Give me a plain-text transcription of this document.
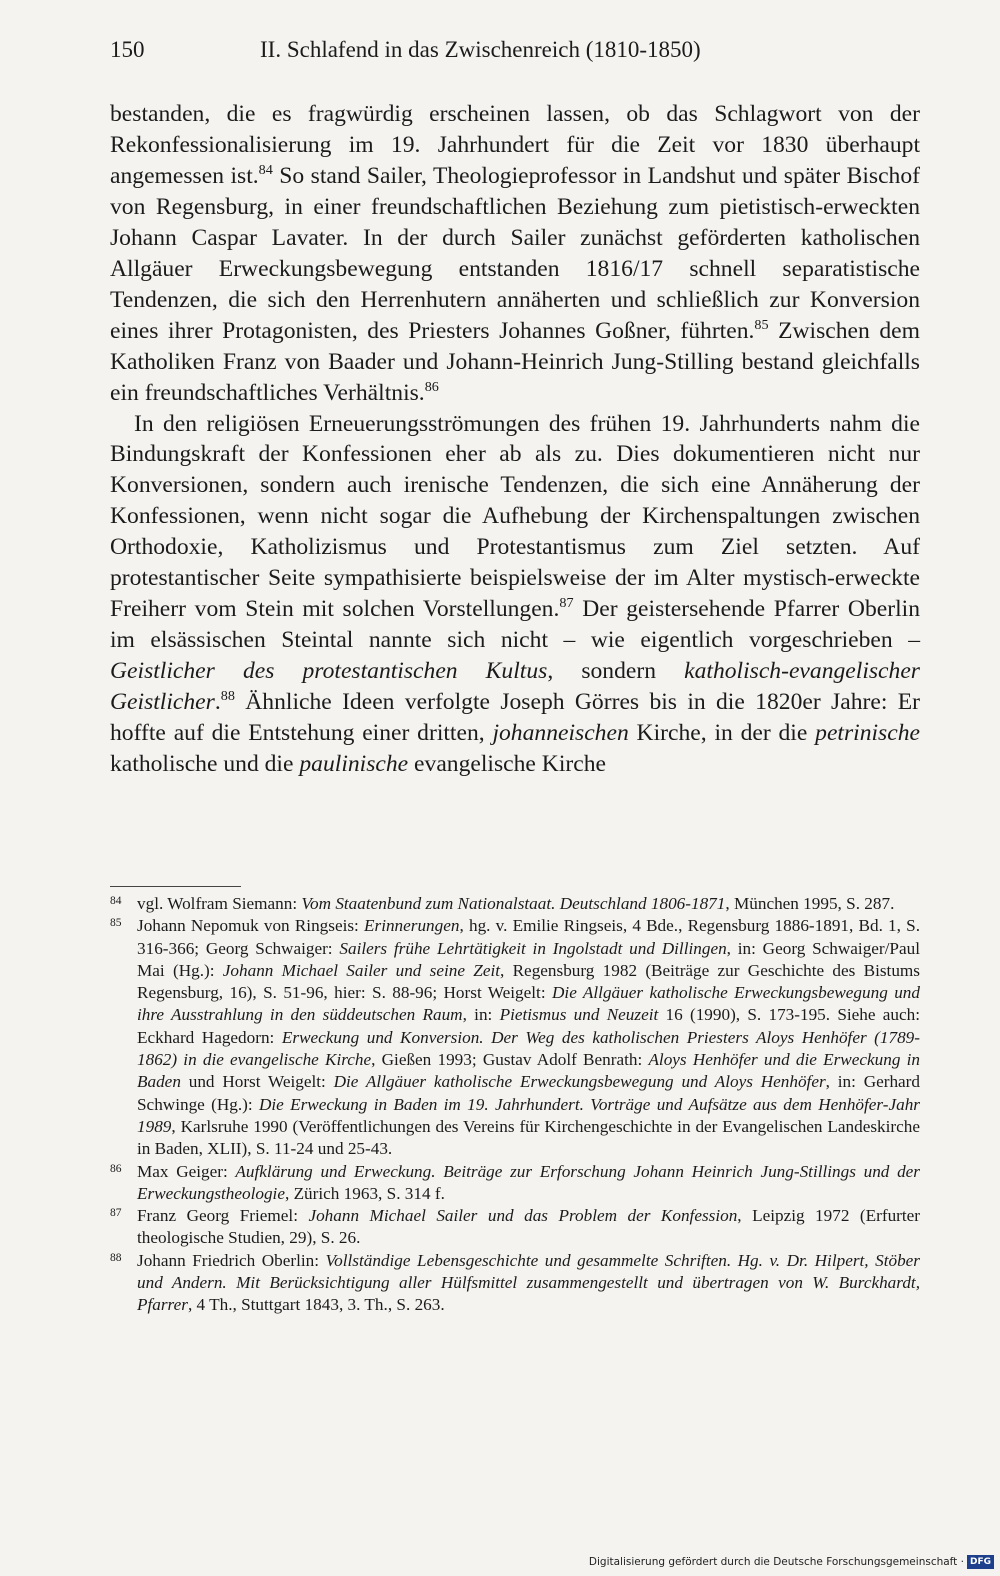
150	II. Schlafend in das Zwischenreich (1810-1850)

bestanden, die es fragwürdig erscheinen lassen, ob das Schlagwort von der Rekonfessionalisierung im 19. Jahrhundert für die Zeit vor 1830 überhaupt angemessen ist.$^{84}$ So stand Sailer, Theologieprofessor in Landshut und später Bischof von Regensburg, in einer freundschaftlichen Beziehung zum pietistisch-erweckten Johann Caspar Lavater. In der durch Sailer zunächst geförderten katholischen Allgäuer Erweckungsbewegung entstanden 1816/17 schnell separatistische Tendenzen, die sich den Herrenhutern annäherten und schließlich zur Konversion eines ihrer Protagonisten, des Priesters Johannes Goßner, führten.$^{85}$ Zwischen dem Katholiken Franz von Baader und Johann-Heinrich Jung-Stilling bestand gleichfalls ein freundschaftliches Verhältnis.$^{86}$

In den religiösen Erneuerungsströmungen des frühen 19. Jahrhunderts nahm die Bindungskraft der Konfessionen eher ab als zu. Dies dokumentieren nicht nur Konversionen, sondern auch irenische Tendenzen, die sich eine Annäherung der Konfessionen, wenn nicht sogar die Aufhebung der Kirchenspaltungen zwischen Orthodoxie, Katholizismus und Protestantismus zum Ziel setzten. Auf protestantischer Seite sympathisierte beispielsweise der im Alter mystisch-erweckte Freiherr vom Stein mit solchen Vorstellungen.$^{87}$ Der geistersehende Pfarrer Oberlin im elsässischen Steintal nannte sich nicht – wie eigentlich vorgeschrieben – Geistlicher des protestantischen Kultus, sondern katholisch-evangelischer Geistlicher.$^{88}$ Ähnliche Ideen verfolgte Joseph Görres bis in die 1820er Jahre: Er hoffte auf die Entstehung einer dritten, johanneischen Kirche, in der die petrinische katholische und die paulinische evangelische Kirche

84 vgl. Wolfram Siemann: Vom Staatenbund zum Nationalstaat. Deutschland 1806-1871, München 1995, S. 287.

85 Johann Nepomuk von Ringseis: Erinnerungen, hg. v. Emilie Ringseis, 4 Bde., Regensburg 1886-1891, Bd. 1, S. 316-366; Georg Schwaiger: Sailers frühe Lehrtätigkeit in Ingolstadt und Dillingen, in: Georg Schwaiger/Paul Mai (Hg.): Johann Michael Sailer und seine Zeit, Regensburg 1982 (Beiträge zur Geschichte des Bistums Regensburg, 16), S. 51-96, hier: S. 88-96; Horst Weigelt: Die Allgäuer katholische Erweckungsbewegung und ihre Ausstrahlung in den süddeutschen Raum, in: Pietismus und Neuzeit 16 (1990), S. 173-195. Siehe auch: Eckhard Hagedorn: Erweckung und Konversion. Der Weg des katholischen Priesters Aloys Henhöfer (1789-1862) in die evangelische Kirche, Gießen 1993; Gustav Adolf Benrath: Aloys Henhöfer und die Erweckung in Baden und Horst Weigelt: Die Allgäuer katholische Erweckungsbewegung und Aloys Henhöfer, in: Gerhard Schwinge (Hg.): Die Erweckung in Baden im 19. Jahrhundert. Vorträge und Aufsätze aus dem Henhöfer-Jahr 1989, Karlsruhe 1990 (Veröffentlichungen des Vereins für Kirchengeschichte in der Evangelischen Landeskirche in Baden, XLII), S. 11-24 und 25-43.

86 Max Geiger: Aufklärung und Erweckung. Beiträge zur Erforschung Johann Heinrich Jung-Stillings und der Erweckungstheologie, Zürich 1963, S. 314 f.

87 Franz Georg Friemel: Johann Michael Sailer und das Problem der Konfession, Leipzig 1972 (Erfurter theologische Studien, 29), S. 26.

88 Johann Friedrich Oberlin: Vollständige Lebensgeschichte und gesammelte Schriften. Hg. v. Dr. Hilpert, Stöber und Andern. Mit Berücksichtigung aller Hülfsmittel zusammengestellt und übertragen von W. Burckhardt, Pfarrer, 4 Th., Stuttgart 1843, 3. Th., S. 263.

Digitalisierung gefördert durch die Deutsche Forschungsgemeinschaft · DFG
